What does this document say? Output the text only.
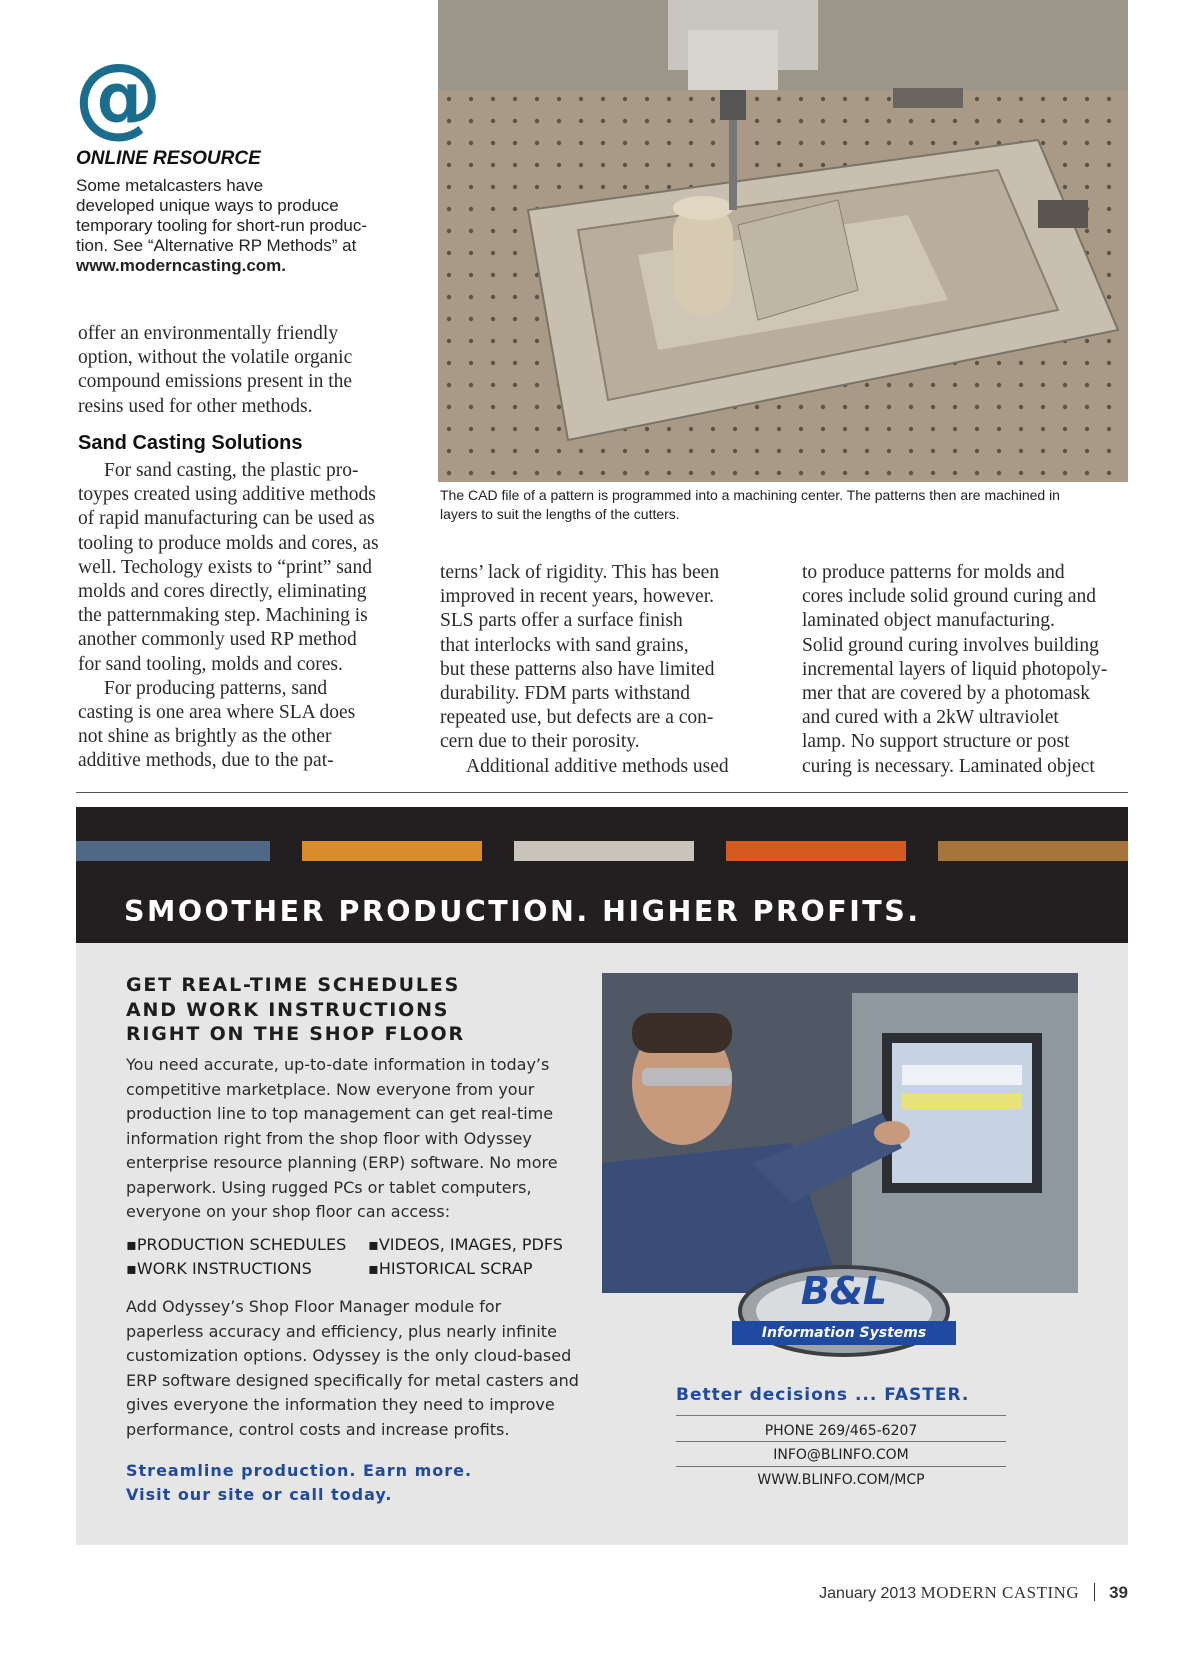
@
ONLINE RESOURCE
Some metalcasters have
developed unique ways to produce
temporary tooling for short-run produc-
tion. See “Alternative RP Methods” at
www.moderncasting.com.
offer an environmentally friendly
option, without the volatile organic
compound emissions present in the
resins used for other methods.
Sand Casting Solutions
For sand casting, the plastic pro-
toypes created using additive methods
of rapid manufacturing can be used as
tooling to produce molds and cores, as
well. Techology exists to “print” sand
molds and cores directly, eliminating
the patternmaking step. Machining is
another commonly used RP method
for sand tooling, molds and cores.
For producing patterns, sand
casting is one area where SLA does
not shine as brightly as the other
additive methods, due to the pat-
The CAD file of a pattern is programmed into a machining center. The patterns then are machined in
layers to suit the lengths of the cutters.
terns’ lack of rigidity. This has been
improved in recent years, however.
SLS parts offer a surface finish
that interlocks with sand grains,
but these patterns also have limited
durability. FDM parts withstand
repeated use, but defects are a con-
cern due to their porosity.
Additional additive methods used
to produce patterns for molds and
cores include solid ground curing and
laminated object manufacturing.
Solid ground curing involves building
incremental layers of liquid photopoly-
mer that are covered by a photomask
and cured with a 2kW ultraviolet
lamp. No support structure or post
curing is necessary. Laminated object
SMOOTHER PRODUCTION. HIGHER PROFITS.
GET REAL-TIME SCHEDULES
AND WORK INSTRUCTIONS
RIGHT ON THE SHOP FLOOR
You need accurate, up-to-date information in today’s
competitive marketplace. Now everyone from your
production line to top management can get real-time
information right from the shop floor with Odyssey
enterprise resource planning (ERP) software. No more
paperwork. Using rugged PCs or tablet computers,
everyone on your shop floor can access:
▪PRODUCTION SCHEDULES
▪WORK INSTRUCTIONS
▪VIDEOS, IMAGES, PDFS
▪HISTORICAL SCRAP
Add Odyssey’s Shop Floor Manager module for
paperless accuracy and efficiency, plus nearly infinite
customization options. Odyssey is the only cloud-based
ERP software designed specifically for metal casters and
gives everyone the information they need to improve
performance, control costs and increase profits.
Streamline production. Earn more.
Visit our site or call today.
B&L
Information Systems
Better decisions ... FASTER.
PHONE 269/465-6207
INFO@BLINFO.COM
WWW.BLINFO.COM/MCP
January 2013 MODERN CASTING 39
